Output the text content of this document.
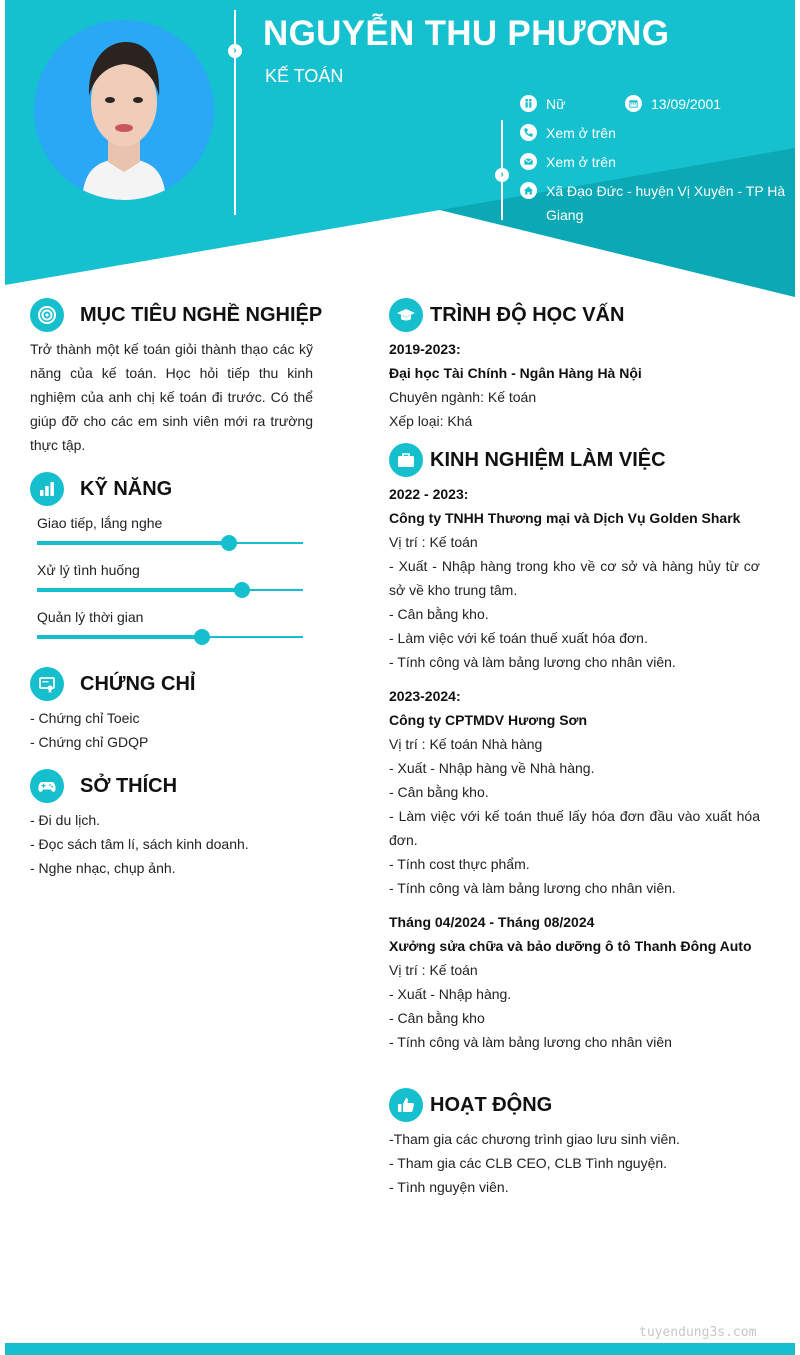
› NGUYỄN THU PHƯƠNG
KẾ TOÁN
›
Nữ	13/09/2001
Xem ở trên
Xem ở trên
Xã Đạo Đức - huyện Vị Xuyên - TP Hà Giang
MỤC TIÊU NGHỀ NGHIỆP
Trở thành một kế toán giỏi thành thạo các kỹ năng của kế toán. Học hỏi tiếp thu kinh nghiệm của anh chị kế toán đi trước. Có thể giúp đỡ cho các em sinh viên mới ra trường thực tập.
KỸ NĂNG
Giao tiếp, lắng nghe
Xử lý tình huống
Quản lý thời gian
CHỨNG CHỈ
- Chứng chỉ Toeic
- Chứng chỉ GDQP
SỞ THÍCH
- Đi du lịch.
- Đọc sách tâm lí, sách kinh doanh.
- Nghe nhạc, chụp ảnh.
TRÌNH ĐỘ HỌC VẤN
2019-2023:
Đại học Tài Chính - Ngân Hàng Hà Nội
Chuyên ngành: Kế toán
Xếp loại: Khá
KINH NGHIỆM LÀM VIỆC
2022 - 2023:
Công ty TNHH Thương mại và Dịch Vụ Golden Shark
Vị trí : Kế toán
- Xuất - Nhập hàng trong kho về cơ sở và hàng hủy từ cơ sở về kho trung tâm.
- Cân bằng kho.
- Làm việc với kế toán thuế xuất hóa đơn.
- Tính công và làm bảng lương cho nhân viên.
2023-2024:
Công ty CPTMDV Hương Sơn
Vị trí : Kế toán Nhà hàng
- Xuất - Nhập hàng về Nhà hàng.
- Cân bằng kho.
- Làm việc với kế toán thuế lấy hóa đơn đầu vào xuất hóa đơn.
- Tính cost thực phẩm.
- Tính công và làm bảng lương cho nhân viên.
Tháng 04/2024 - Tháng 08/2024
Xưởng sửa chữa và bảo dưỡng ô tô Thanh Đông Auto
Vị trí : Kế toán
- Xuất - Nhập hàng.
- Cân bằng kho
- Tính công và làm bảng lương cho nhân viên
HOẠT ĐỘNG
-Tham gia các chương trình giao lưu sinh viên.
- Tham gia các CLB CEO, CLB Tình nguyện.
- Tình nguyện viên.
tuyendung3s.com
